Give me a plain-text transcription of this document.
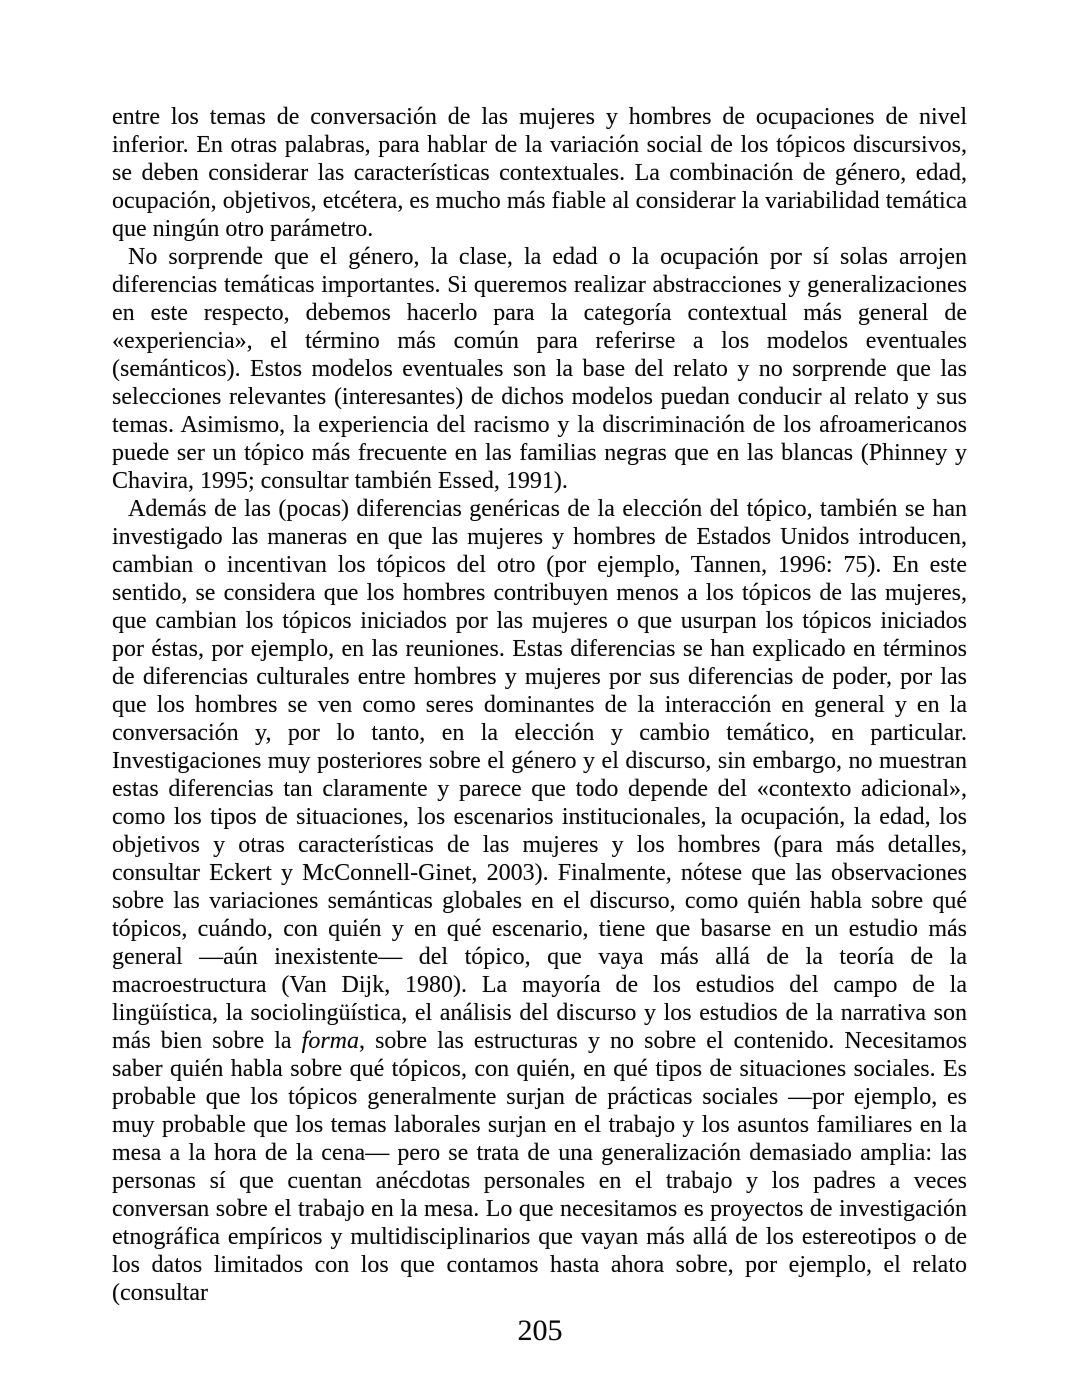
entre los temas de conversación de las mujeres y hombres de ocupaciones de nivel inferior. En otras palabras, para hablar de la variación social de los tópicos discursivos, se deben considerar las características contextuales. La combinación de género, edad, ocupación, objetivos, etcétera, es mucho más fiable al considerar la variabilidad temática que ningún otro parámetro.

No sorprende que el género, la clase, la edad o la ocupación por sí solas arrojen diferencias temáticas importantes. Si queremos realizar abstracciones y generalizaciones en este respecto, debemos hacerlo para la categoría contextual más general de «experiencia», el término más común para referirse a los modelos eventuales (semánticos). Estos modelos eventuales son la base del relato y no sorprende que las selecciones relevantes (interesantes) de dichos modelos puedan conducir al relato y sus temas. Asimismo, la experiencia del racismo y la discriminación de los afroamericanos puede ser un tópico más frecuente en las familias negras que en las blancas (Phinney y Chavira, 1995; consultar también Essed, 1991).

Además de las (pocas) diferencias genéricas de la elección del tópico, también se han investigado las maneras en que las mujeres y hombres de Estados Unidos introducen, cambian o incentivan los tópicos del otro (por ejemplo, Tannen, 1996: 75). En este sentido, se considera que los hombres contribuyen menos a los tópicos de las mujeres, que cambian los tópicos iniciados por las mujeres o que usurpan los tópicos iniciados por éstas, por ejemplo, en las reuniones. Estas diferencias se han explicado en términos de diferencias culturales entre hombres y mujeres por sus diferencias de poder, por las que los hombres se ven como seres dominantes de la interacción en general y en la conversación y, por lo tanto, en la elección y cambio temático, en particular. Investigaciones muy posteriores sobre el género y el discurso, sin embargo, no muestran estas diferencias tan claramente y parece que todo depende del «contexto adicional», como los tipos de situaciones, los escenarios institucionales, la ocupación, la edad, los objetivos y otras características de las mujeres y los hombres (para más detalles, consultar Eckert y McConnell-Ginet, 2003). Finalmente, nótese que las observaciones sobre las variaciones semánticas globales en el discurso, como quién habla sobre qué tópicos, cuándo, con quién y en qué escenario, tiene que basarse en un estudio más general —aún inexistente— del tópico, que vaya más allá de la teoría de la macroestructura (Van Dijk, 1980). La mayoría de los estudios del campo de la lingüística, la sociolingüística, el análisis del discurso y los estudios de la narrativa son más bien sobre la forma, sobre las estructuras y no sobre el contenido. Necesitamos saber quién habla sobre qué tópicos, con quién, en qué tipos de situaciones sociales. Es probable que los tópicos generalmente surjan de prácticas sociales —por ejemplo, es muy probable que los temas laborales surjan en el trabajo y los asuntos familiares en la mesa a la hora de la cena— pero se trata de una generalización demasiado amplia: las personas sí que cuentan anécdotas personales en el trabajo y los padres a veces conversan sobre el trabajo en la mesa. Lo que necesitamos es proyectos de investigación etnográfica empíricos y multidisciplinarios que vayan más allá de los estereotipos o de los datos limitados con los que contamos hasta ahora sobre, por ejemplo, el relato (consultar

205
